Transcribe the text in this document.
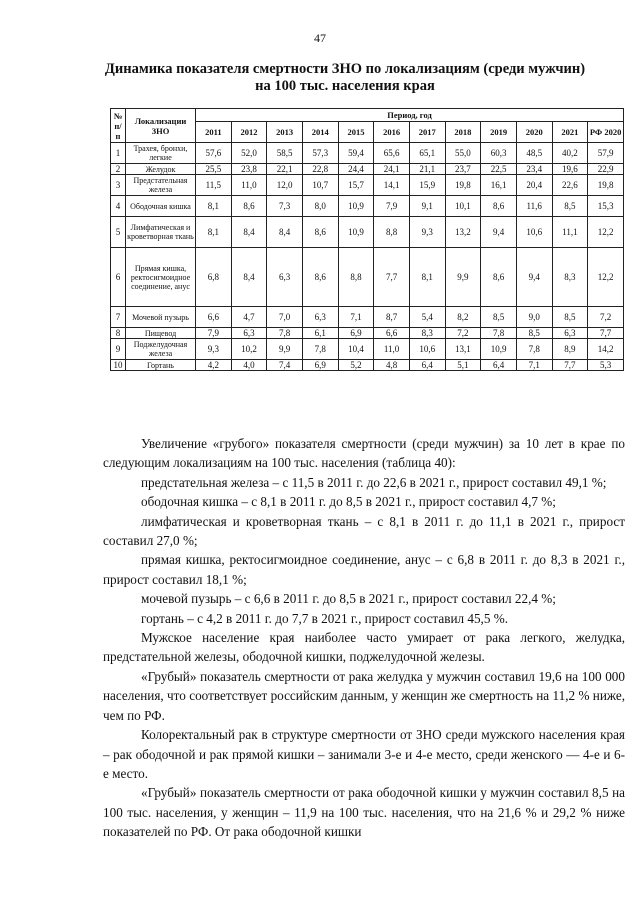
47
Динамика показателя смертности ЗНО по локализациям (среди мужчин)
на 100 тыс. населения края
№ п/п	Локализации ЗНО	Период, год											
		2011	2012	2013	2014	2015	2016	2017	2018	2019	2020	2021	РФ 2020
1	Трахея, бронхи, легкие	57,6	52,0	58,5	57,3	59,4	65,6	65,1	55,0	60,3	48,5	40,2	57,9
2	Желудок	25,5	23,8	22,1	22,8	24,4	24,1	21,1	23,7	22,5	23,4	19,6	22,9
3	Предстательная железа	11,5	11,0	12,0	10,7	15,7	14,1	15,9	19,8	16,1	20,4	22,6	19,8
4	Ободочная кишка	8,1	8,6	7,3	8,0	10,9	7,9	9,1	10,1	8,6	11,6	8,5	15,3
5	Лимфатическая и кроветворная ткань	8,1	8,4	8,4	8,6	10,9	8,8	9,3	13,2	9,4	10,6	11,1	12,2
6	Прямая кишка, ректосигмоидное соединение, анус	6,8	8,4	6,3	8,6	8,8	7,7	8,1	9,9	8,6	9,4	8,3	12,2
7	Мочевой пузырь	6,6	4,7	7,0	6,3	7,1	8,7	5,4	8,2	8,5	9,0	8,5	7,2
8	Пищевод	7,9	6,3	7,8	6,1	6,9	6,6	8,3	7,2	7,8	8,5	6,3	7,7
9	Поджелудочная железа	9,3	10,2	9,9	7,8	10,4	11,0	10,6	13,1	10,9	7,8	8,9	14,2
10	Гортань	4,2	4,0	7,4	6,9	5,2	4,8	6,4	5,1	6,4	7,1	7,7	5,3

Увеличение «грубого» показателя смертности (среди мужчин) за 10 лет в крае по следующим локализациям на 100 тыс. населения (таблица 40):

предстательная железа – с 11,5 в 2011 г. до 22,6 в 2021 г., прирост составил 49,1 %;

ободочная кишка – с 8,1 в 2011 г. до 8,5 в 2021 г., прирост составил 4,7 %;

лимфатическая и кроветворная ткань – с 8,1 в 2011 г. до 11,1 в 2021 г., прирост составил 27,0 %;

прямая кишка, ректосигмоидное соединение, анус – с 6,8 в 2011 г. до 8,3 в 2021 г., прирост составил 18,1 %;

мочевой пузырь – с 6,6 в 2011 г. до 8,5 в 2021 г., прирост составил 22,4 %;

гортань – с 4,2 в 2011 г. до 7,7 в 2021 г., прирост составил 45,5 %.

Мужское население края наиболее часто умирает от рака легкого, желудка, предстательной железы, ободочной кишки, поджелудочной железы.

«Грубый» показатель смертности от рака желудка у мужчин составил 19,6 на 100 000 населения, что соответствует российским данным, у женщин же смертность на 11,2 % ниже, чем по РФ.

Колоректальный рак в структуре смертности от ЗНО среди мужского населения края – рак ободочной и рак прямой кишки – занимали 3-е и 4-е место, среди женского — 4-е и 6-е место.

«Грубый» показатель смертности от рака ободочной кишки у мужчин составил 8,5 на 100 тыс. населения, у женщин – 11,9 на 100 тыс. населения, что на 21,6 % и 29,2 % ниже показателей по РФ. От рака ободочной кишки
